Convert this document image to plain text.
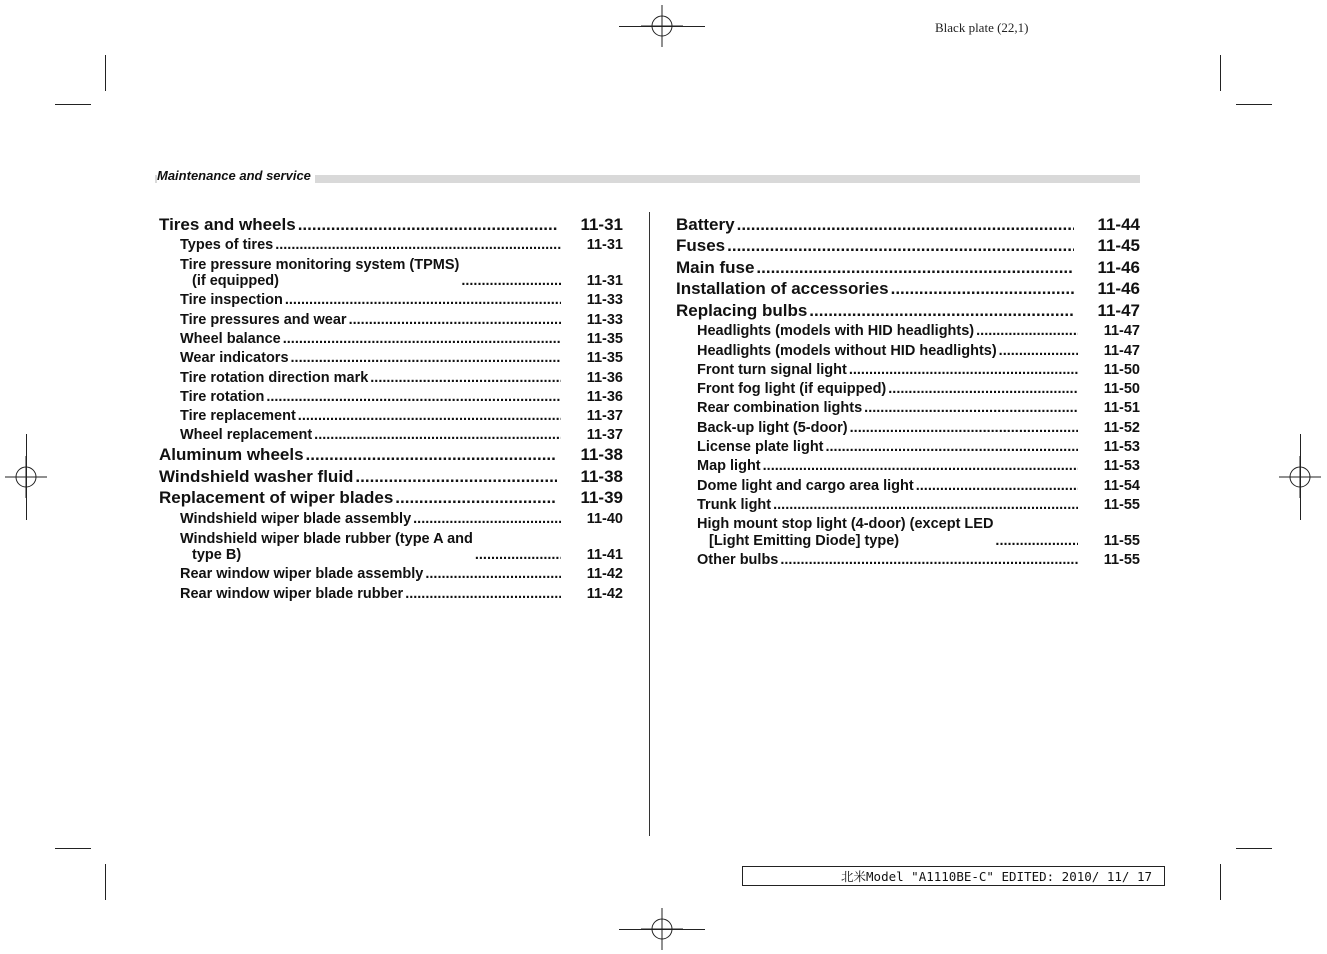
Black plate (22,1)
Maintenance and service
Tires and wheels .....	11-31
Types of tires .....	11-31
Tire pressure monitoring system (TPMS)
(if equipped) .....	11-31
Tire inspection .....	11-33
Tire pressures and wear .....	11-33
Wheel balance .....	11-35
Wear indicators .....	11-35
Tire rotation direction mark .....	11-36
Tire rotation .....	11-36
Tire replacement .....	11-37
Wheel replacement .....	11-37
Aluminum wheels .....	11-38
Windshield washer fluid .....	11-38
Replacement of wiper blades .....	11-39
Windshield wiper blade assembly .....	11-40
Windshield wiper blade rubber (type A and
type B) .....	11-41
Rear window wiper blade assembly .....	11-42
Rear window wiper blade rubber .....	11-42
Battery .....	11-44
Fuses .....	11-45
Main fuse .....	11-46
Installation of accessories .....	11-46
Replacing bulbs .....	11-47
Headlights (models with HID headlights) .....	11-47
Headlights (models without HID headlights) .....	11-47
Front turn signal light .....	11-50
Front fog light (if equipped) .....	11-50
Rear combination lights .....	11-51
Back-up light (5-door) .....	11-52
License plate light .....	11-53
Map light .....	11-53
Dome light and cargo area light .....	11-54
Trunk light .....	11-55
High mount stop light (4-door) (except LED
[Light Emitting Diode] type) .....	11-55
Other bulbs .....	11-55
北米Model "A1110BE-C" EDITED: 2010/ 11/ 17
